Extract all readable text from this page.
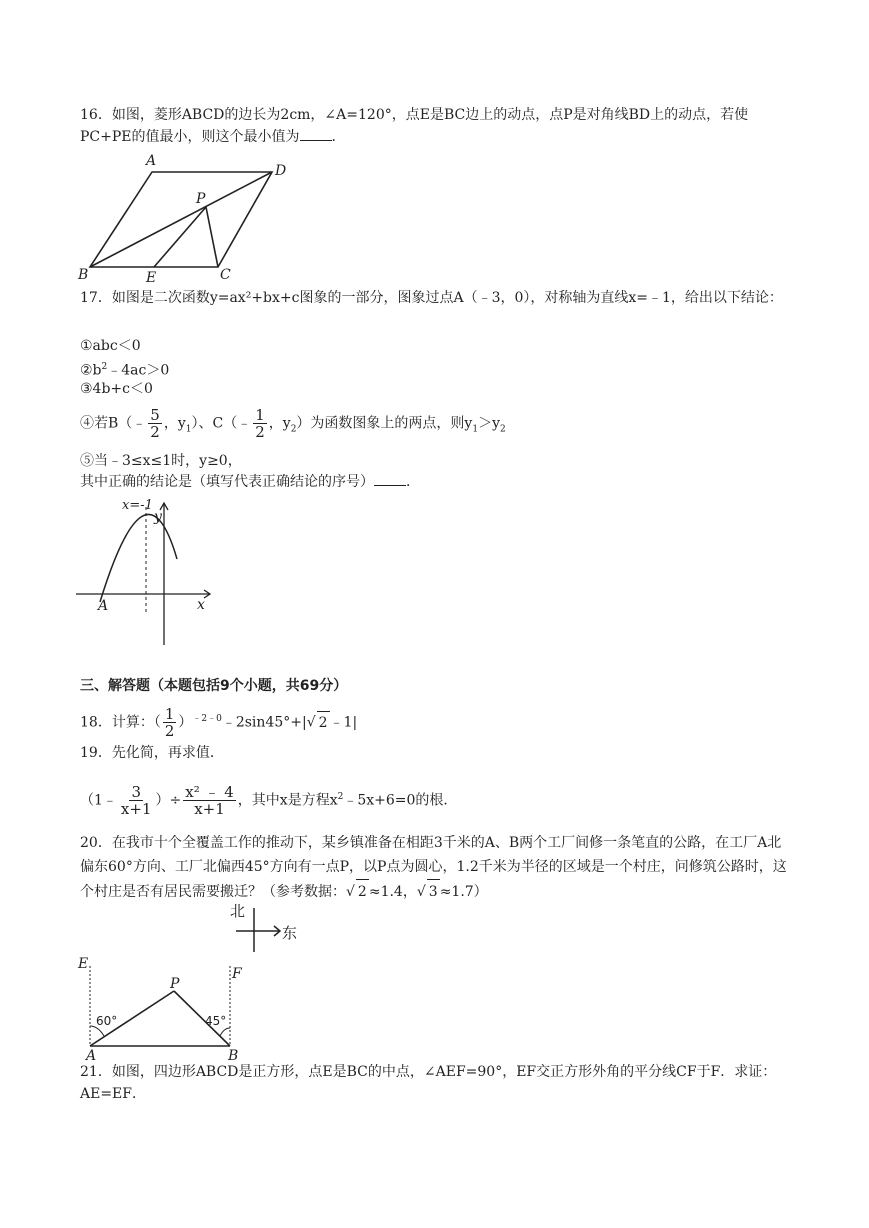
16．如图，菱形ABCD的边长为2cm，∠A=120°，点E是BC边上的动点，点P是对角线BD上的动点，若使PC+PE的值最小，则这个最小值为 ．
A
D
P
B	E	C
17．如图是二次函数y=ax²+bx+c图象的一部分，图象过点A（﹣3，0），对称轴为直线x=﹣1，给出以下结论：
①abc＜0
$②b^2﹣4ac>0$
③4b+c＜0
④若B（﹣ $\frac{5}{2}$ ，$y_1$）、C（﹣ $\frac{1}{2}$ ，$y_2$）为函数图象上的两点，则$y_1>y_2$
⑤当﹣3≤x≤1时，y≥0，
其中正确的结论是（填写代表正确结论的序号） ．
x=-1
y
x
A
三、解答题（本题包括9个小题，共69分）
18．计算：（ $\frac{1}{2}$ ）$^{﹣2﹣0}$﹣2sin45°+|√ 2 ﹣1|
19．先化简，再求值．
（1﹣ $\frac{3}{x+1}$ ）÷ $\frac{\text{x² ﹣ 4}}{x+1}$ ，其中x是方程$x^2﹣5x+6=0$的根．
20．在我市十个全覆盖工作的推动下，某乡镇准备在相距3千米的A、B两个工厂间修一条笔直的公路，在工厂A北偏东60°方向、工厂北偏西45°方向有一点P，以P点为圆心，1.2千米为半径的区域是一个村庄，问修筑公路时，这个村庄是否有居民需要搬迁？（参考数据：√ 2 ≈1.4，√ 3 ≈1.7）
北
东
E
F
P
60°	45°
A	B
21．如图，四边形ABCD是正方形，点E是BC的中点，∠AEF=90°，EF交正方形外角的平分线CF于F．求证：AE=EF．
